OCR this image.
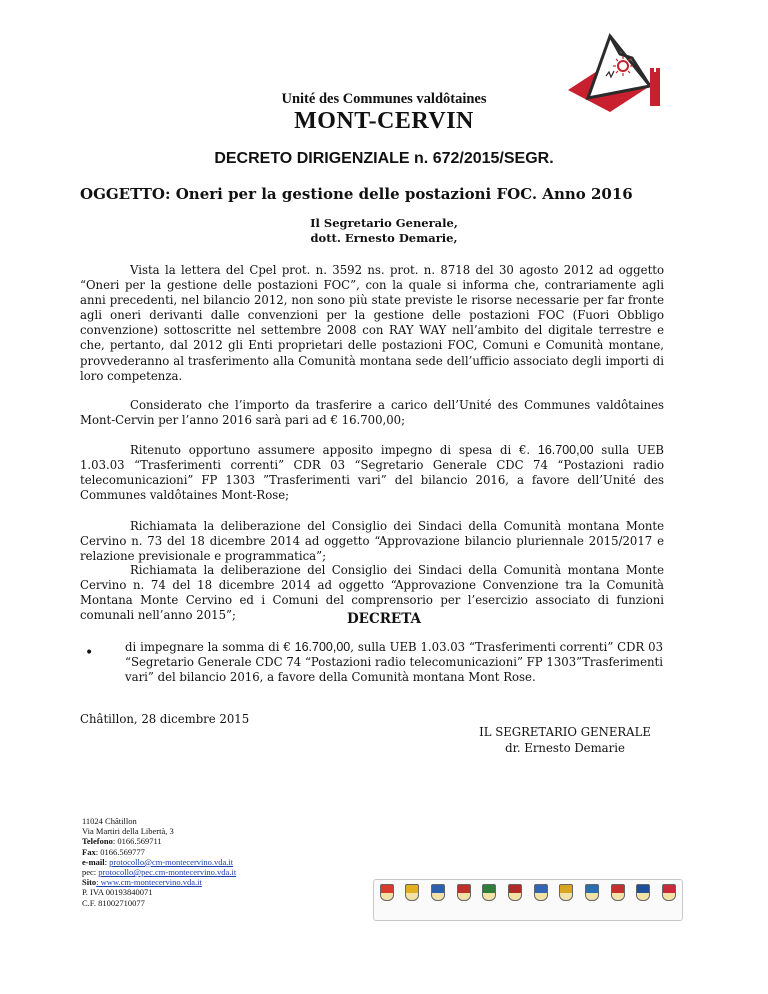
Unité des Communes valdôtaines
MONT-CERVIN
DECRETO DIRIGENZIALE n. 672/2015/SEGR.
OGGETTO: Oneri per la gestione delle postazioni FOC. Anno 2016
Il Segretario Generale,
dott. Ernesto Demarie,

Vista la lettera del Cpel prot. n. 3592 ns. prot. n. 8718 del 30 agosto 2012 ad oggetto “Oneri per la gestione delle postazioni FOC”, con la quale si informa che, contrariamente agli anni precedenti, nel bilancio 2012, non sono più state previste le risorse necessarie per far fronte agli oneri derivanti dalle convenzioni per la gestione delle postazioni FOC (Fuori Obbligo convenzione) sottoscritte nel settembre 2008 con RAY WAY nell’ambito del digitale terrestre e che, pertanto, dal 2012 gli Enti proprietari delle postazioni FOC, Comuni e Comunità montane, provvederanno al trasferimento alla Comunità montana sede dell’ufficio associato degli importi di loro competenza.

Considerato che l’importo da trasferire a carico dell’Unité des Communes valdôtaines Mont-Cervin per l’anno 2016 sarà pari ad € 16.700,00;

Ritenuto opportuno assumere apposito impegno di spesa di €. 16.700,00 sulla UEB 1.03.03 “Trasferimenti correnti” CDR 03 “Segretario Generale CDC 74 “Postazioni radio telecomunicazioni” FP 1303 ”Trasferimenti vari” del bilancio 2016, a favore dell’Unité des Communes valdôtaines Mont-Rose;

Richiamata la deliberazione del Consiglio dei Sindaci della Comunità montana Monte Cervino n. 73 del 18 dicembre 2014 ad oggetto “Approvazione bilancio pluriennale 2015/2017 e relazione previsionale e programmatica”;

Richiamata la deliberazione del Consiglio dei Sindaci della Comunità montana Monte Cervino n. 74 del 18 dicembre 2014 ad oggetto “Approvazione Convenzione tra la Comunità Montana Monte Cervino ed i Comuni del comprensorio per l’esercizio associato di funzioni comunali nell’anno 2015”;	DECRETA
•	di impegnare la somma di € 16.700,00, sulla UEB 1.03.03 “Trasferimenti correnti” CDR 03 “Segretario Generale CDC 74 “Postazioni radio telecomunicazioni” FP 1303”Trasferimenti vari” del bilancio 2016, a favore della Comunità montana Mont Rose.
Châtillon, 28 dicembre 2015
IL SEGRETARIO GENERALE
dr. Ernesto Demarie
11024 Châtillon
Via Martiri della Libertà, 3
Telefono: 0166.569711
Fax: 0166.569777
e-mail: protocollo@cm-montecervino.vda.it
pec: protocollo@pec.cm-montecervino.vda.it
Sito: www.cm-montecervino.vda.it
P. IVA 00193840071
C.F. 81002710077
